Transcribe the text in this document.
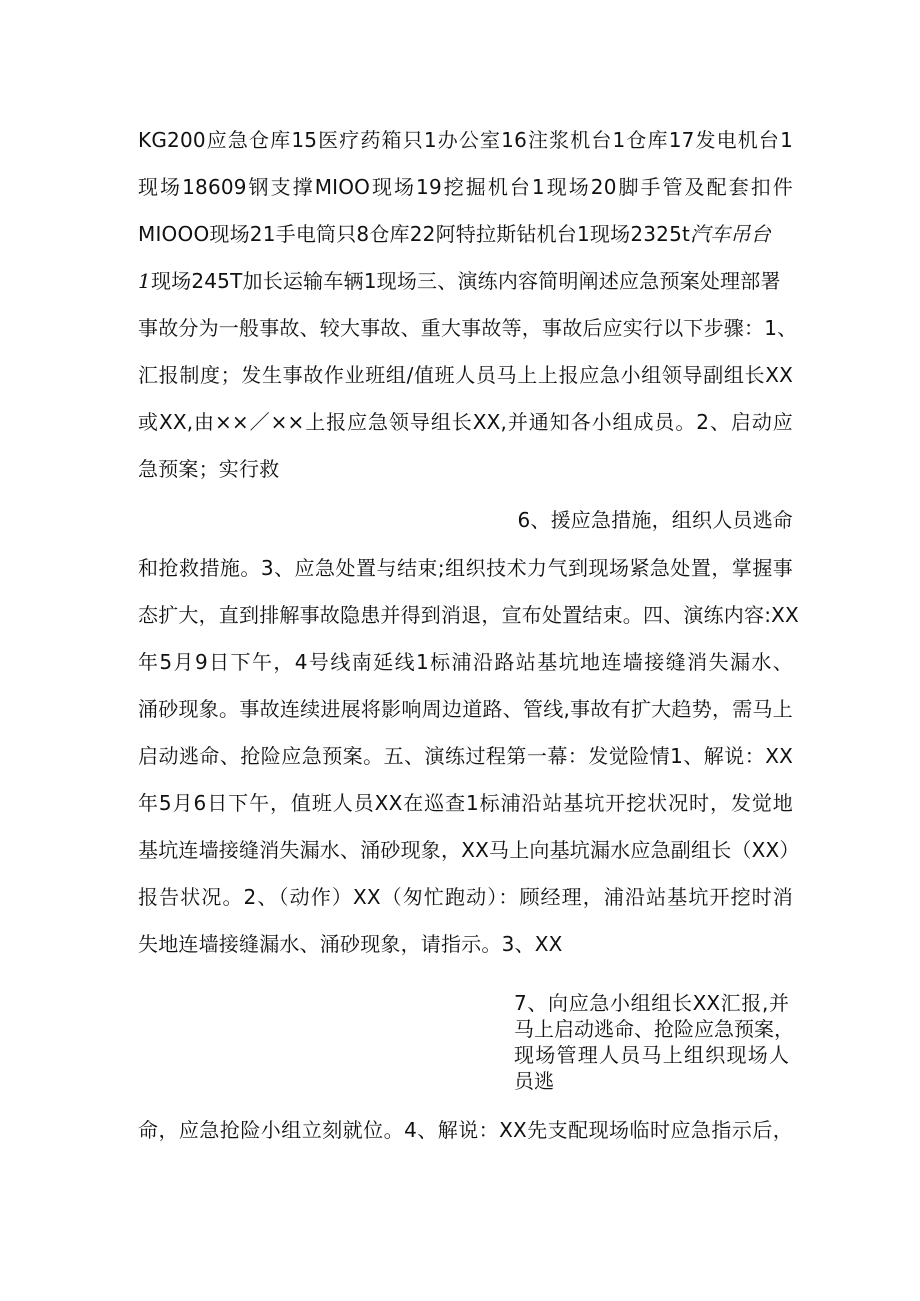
KG200应急仓库15医疗药箱只1办公室16注浆机台1仓库17发电机台1
现场18609钢支撑MIOO现场19挖掘机台1现场20脚手管及配套扣件
MIOOO现场21手电筒只8仓库22阿特拉斯钻机台1现场2325t汽车吊台
1现场245T加长运输车辆1现场三、演练内容简明阐述应急预案处理部署
事故分为一般事故、较大事故、重大事故等，事故后应实行以下步骤：1、
汇报制度；发生事故作业班组/值班人员马上上报应急小组领导副组长XX
或XX,由××／××上报应急领导组长XX,并通知各小组成员。2、启动应
急预案；实行救
6、援应急措施，组织人员逃命
和抢救措施。3、应急处置与结束;组织技术力气到现场紧急处置，掌握事
态扩大，直到排解事故隐患并得到消退，宣布处置结束。四、演练内容:XX
年5月9日下午，4号线南延线1标浦沿路站基坑地连墙接缝消失漏水、
涌砂现象。事故连续进展将影响周边道路、管线,事故有扩大趋势，需马上
启动逃命、抢险应急预案。五、演练过程第一幕：发觉险情1、解说：XX
年5月6日下午，值班人员XX在巡查1标浦沿站基坑开挖状况时，发觉地
基坑连墙接缝消失漏水、涌砂现象，XX马上向基坑漏水应急副组长（XX）
报告状况。2、（动作）XX（匆忙跑动）：顾经理，浦沿站基坑开挖时消
失地连墙接缝漏水、涌砂现象，请指示。3、XX
7、向应急小组组长XX汇报,并
马上启动逃命、抢险应急预案，
现场管理人员马上组织现场人
员逃
命，应急抢险小组立刻就位。4、解说：XX先支配现场临时应急指示后，
